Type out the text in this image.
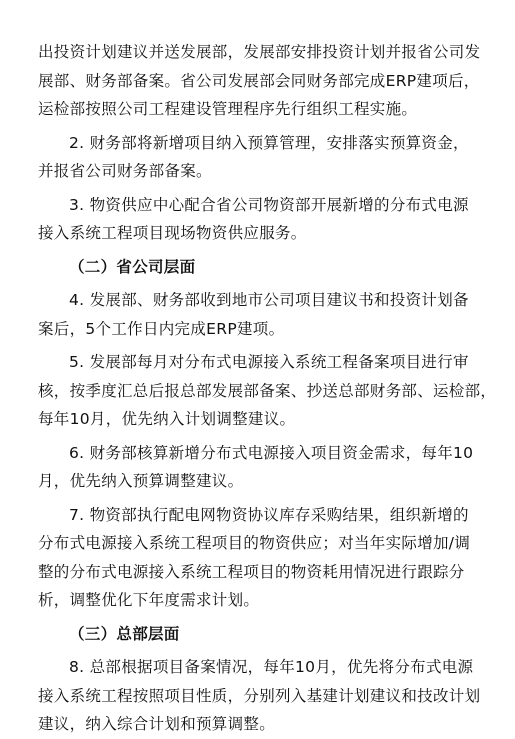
出投资计划建议并送发展部，发展部安排投资计划并报省公司发
展部、财务部备案。省公司发展部会同财务部完成ERP建项后，
运检部按照公司工程建设管理程序先行组织工程实施。
2. 财务部将新增项目纳入预算管理，安排落实预算资金，
并报省公司财务部备案。
3. 物资供应中心配合省公司物资部开展新增的分布式电源
接入系统工程项目现场物资供应服务。
（二）省公司层面
4. 发展部、财务部收到地市公司项目建议书和投资计划备
案后，5个工作日内完成ERP建项。
5. 发展部每月对分布式电源接入系统工程备案项目进行审
核，按季度汇总后报总部发展部备案、抄送总部财务部、运检部，
每年10月，优先纳入计划调整建议。
6. 财务部核算新增分布式电源接入项目资金需求，每年10
月，优先纳入预算调整建议。
7. 物资部执行配电网物资协议库存采购结果，组织新增的
分布式电源接入系统工程项目的物资供应；对当年实际增加/调
整的分布式电源接入系统工程项目的物资耗用情况进行跟踪分
析，调整优化下年度需求计划。
（三）总部层面
8. 总部根据项目备案情况，每年10月，优先将分布式电源
接入系统工程按照项目性质，分别列入基建计划建议和技改计划
建议，纳入综合计划和预算调整。
